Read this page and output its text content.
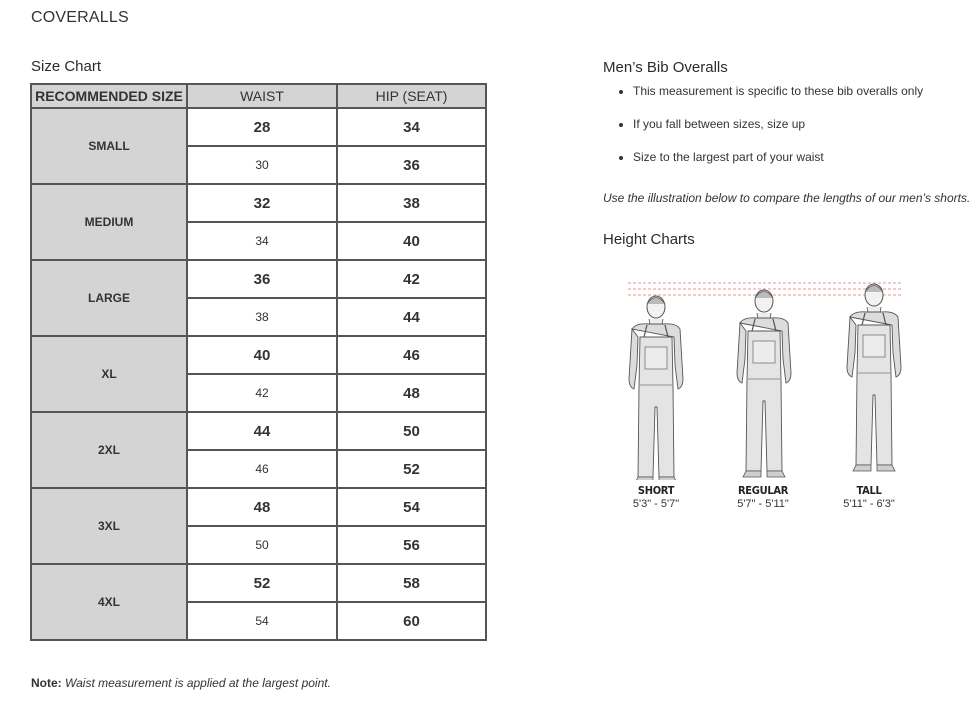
COVERALLS
Size Chart
RECOMMENDED SIZE	WAIST	HIP (SEAT)
SMALL	28	34
	30	36
MEDIUM	32	38
	34	40
LARGE	36	42
	38	44
XL	40	46
	42	48
2XL	44	50
	46	52
3XL	48	54
	50	56
4XL	52	58
	54	60
Note: Waist measurement is applied at the largest point.
Men’s Bib Overalls
• This measurement is specific to these bib overalls only
• If you fall between sizes, size up
• Size to the largest part of your waist
Use the illustration below to compare the lengths of our men’s shorts.
Height Charts
SHORT
5'3" - 5'7"
REGULAR
5'7" - 5'11"
TALL
5'11" - 6'3"
